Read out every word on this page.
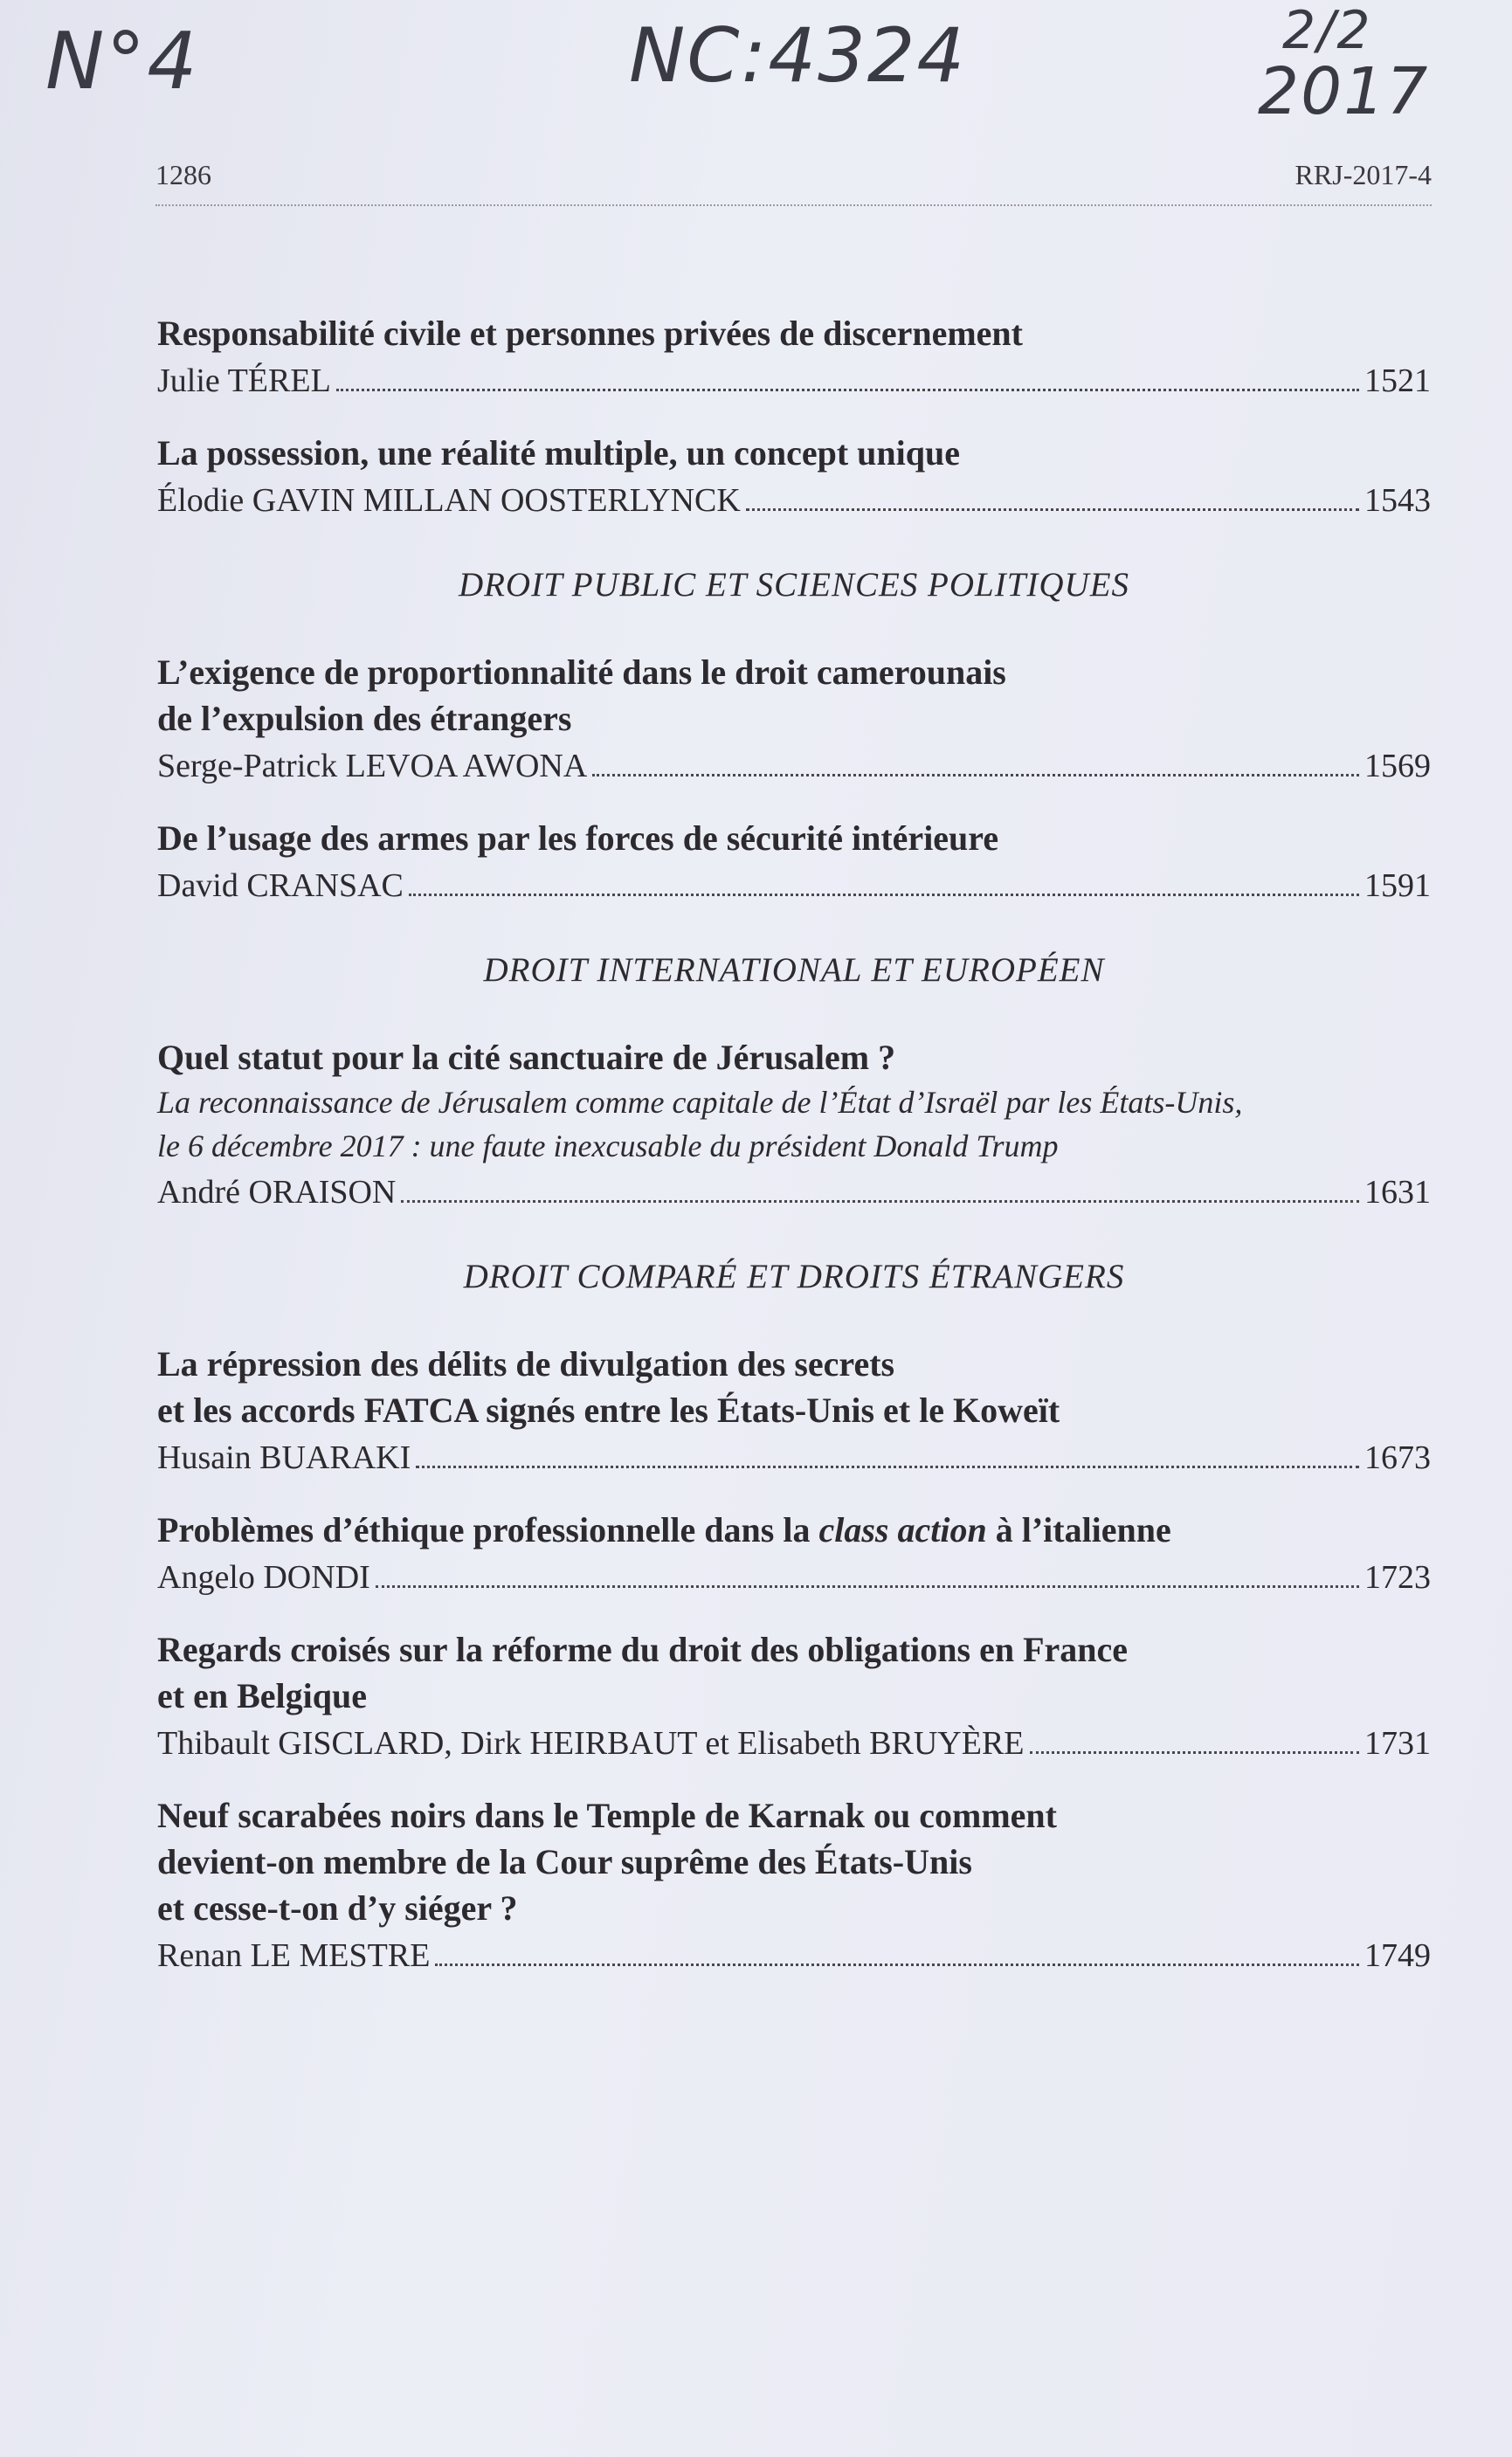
N°4	NC:4324	2/2
2017
1286	RRJ-2017-4
Responsabilité civile et personnes privées de discernement
Julie TÉREL	1521
La possession, une réalité multiple, un concept unique
Élodie GAVIN MILLAN OOSTERLYNCK	1543
DROIT PUBLIC ET SCIENCES POLITIQUES
L’exigence de proportionnalité dans le droit camerounais
de l’expulsion des étrangers
Serge-Patrick LEVOA AWONA	1569
De l’usage des armes par les forces de sécurité intérieure
David CRANSAC	1591
DROIT INTERNATIONAL ET EUROPÉEN
Quel statut pour la cité sanctuaire de Jérusalem ?
La reconnaissance de Jérusalem comme capitale de l’État d’Israël par les États-Unis,
le 6 décembre 2017 : une faute inexcusable du président Donald Trump
André ORAISON	1631
DROIT COMPARÉ ET DROITS ÉTRANGERS
La répression des délits de divulgation des secrets
et les accords FATCA signés entre les États-Unis et le Koweït
Husain BUARAKI	1673
Problèmes d’éthique professionnelle dans la class action à l’italienne
Angelo DONDI	1723
Regards croisés sur la réforme du droit des obligations en France
et en Belgique
Thibault GISCLARD, Dirk HEIRBAUT et Elisabeth BRUYÈRE	1731
Neuf scarabées noirs dans le Temple de Karnak ou comment
devient-on membre de la Cour suprême des États-Unis
et cesse-t-on d’y siéger ?
Renan LE MESTRE	1749
